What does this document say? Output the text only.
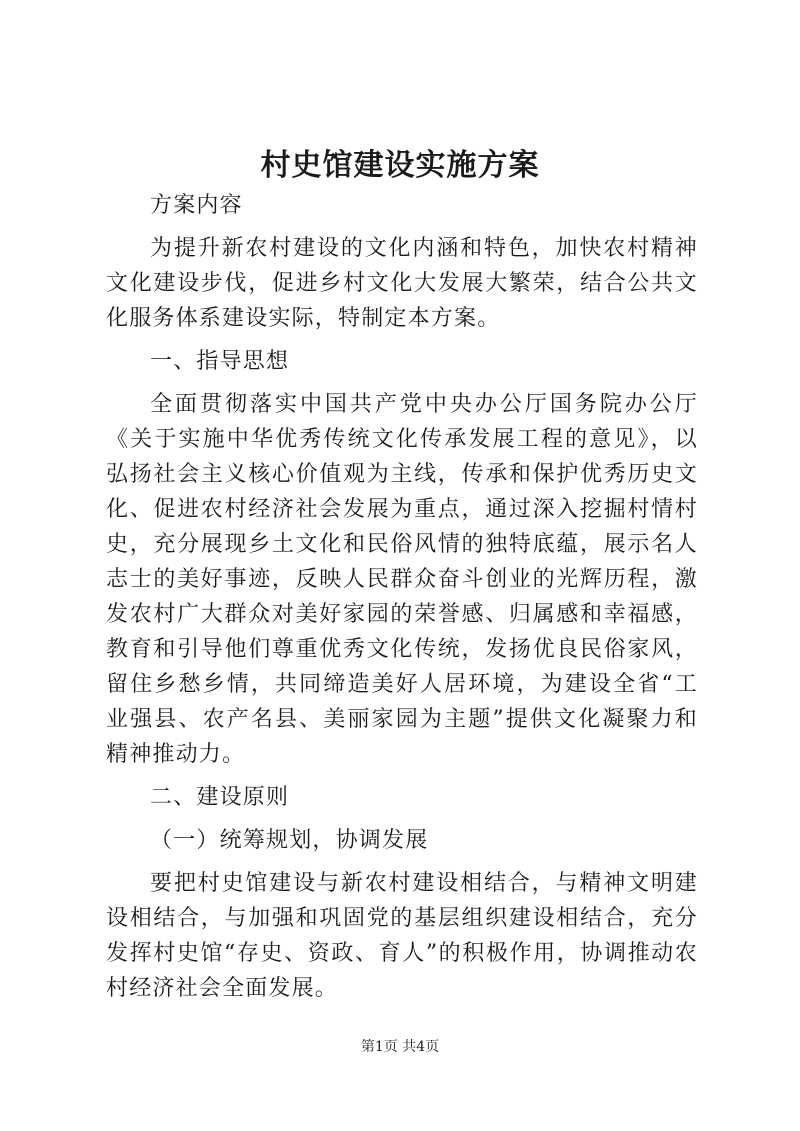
村史馆建设实施方案

方案内容

为提升新农村建设的文化内涵和特色，加快农村精神文化建设步伐，促进乡村文化大发展大繁荣，结合公共文化服务体系建设实际，特制定本方案。

一、指导思想

全面贯彻落实中国共产党中央办公厅国务院办公厅《关于实施中华优秀传统文化传承发展工程的意见》，以弘扬社会主义核心价值观为主线，传承和保护优秀历史文化、促进农村经济社会发展为重点，通过深入挖掘村情村史，充分展现乡土文化和民俗风情的独特底蕴，展示名人志士的美好事迹，反映人民群众奋斗创业的光辉历程，激发农村广大群众对美好家园的荣誉感、归属感和幸福感，教育和引导他们尊重优秀文化传统，发扬优良民俗家风，留住乡愁乡情，共同缔造美好人居环境，为建设全省“工业强县、农产名县、美丽家园为主题”提供文化凝聚力和精神推动力。

二、建设原则

（一）统筹规划，协调发展

要把村史馆建设与新农村建设相结合，与精神文明建设相结合，与加强和巩固党的基层组织建设相结合，充分发挥村史馆“存史、资政、育人”的积极作用，协调推动农村经济社会全面发展。

第1页 共4页
